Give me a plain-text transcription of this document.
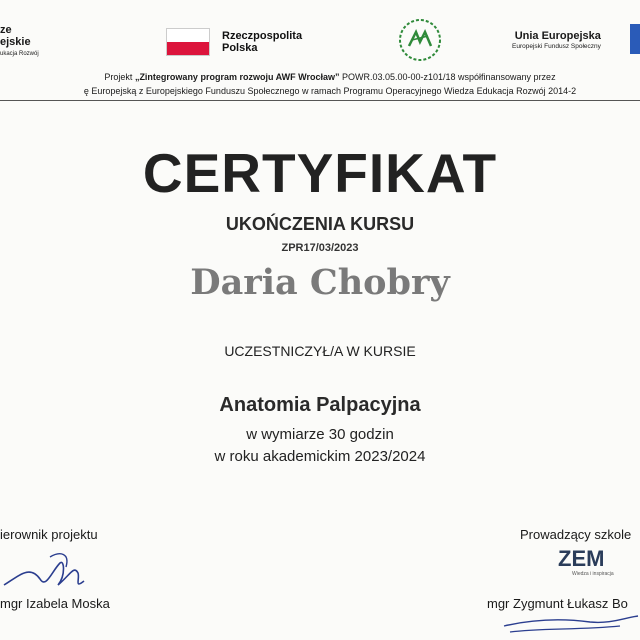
ze
ejskie
ukacja Rozwój
Rzeczpospolita
Polska
Unia Europejska
Europejski Fundusz Społeczny
Projekt „Zintegrowany program rozwoju AWF Wrocław” POWR.03.05.00-00-z101/18 współfinansowany przez
ę Europejską z Europejskiego Funduszu Społecznego w ramach Programu Operacyjnego Wiedza Edukacja Rozwój 2014-2
CERTYFIKAT
UKOŃCZENIA KURSU
ZPR17/03/2023
Daria Chobry
UCZESTNICZYŁ/A W KURSIE
Anatomia Palpacyjna
w wymiarze 30 godzin
w roku akademickim 2023/2024
ierownik projektu
mgr Izabela Moska
Prowadzący szkole
ZEM
Wiedza i inspiracja
mgr Zygmunt Łukasz Bo
